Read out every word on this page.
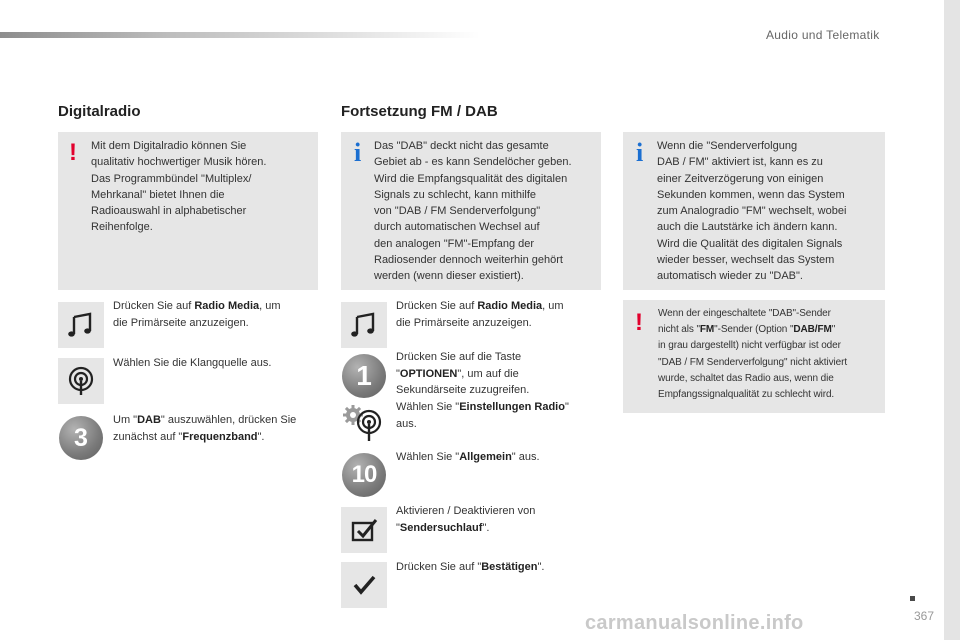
Audio und Telematik
Digitalradio
! Mit dem Digitalradio können Sie

qualitativ hochwertiger Musik hören.

Das Programmbündel "Multiplex/

Mehrkanal" bietet Ihnen die

Radioauswahl in alphabetischer

Reihenfolge.

Drücken Sie auf Radio Media, um

die Primärseite anzuzeigen.

Wählen Sie die Klangquelle aus.

3

Um "DAB" auszuwählen, drücken Sie

zunächst auf "Frequenzband".

Fortsetzung FM / DAB
i Das "DAB" deckt nicht das gesamte

Gebiet ab - es kann Sendelöcher geben.

Wird die Empfangsqualität des digitalen

Signals zu schlecht, kann mithilfe

von "DAB / FM Senderverfolgung"

durch automatischen Wechsel auf

den analogen "FM"-Empfang der

Radiosender dennoch weiterhin gehört

werden (wenn dieser existiert).

Drücken Sie auf Radio Media, um

die Primärseite anzuzeigen.

1

Drücken Sie auf die Taste

"OPTIONEN", um auf die

Sekundärseite zuzugreifen.

Wählen Sie "Einstellungen Radio"

aus.

10

Wählen Sie "Allgemein" aus.

Aktivieren / Deaktivieren von

"Sendersuchlauf".

Drücken Sie auf "Bestätigen".

i Wenn die "Senderverfolgung

DAB / FM" aktiviert ist, kann es zu

einer Zeitverzögerung von einigen

Sekunden kommen, wenn das System

zum Analogradio "FM" wechselt, wobei

auch die Lautstärke ich ändern kann.

Wird die Qualität des digitalen Signals

wieder besser, wechselt das System

automatisch wieder zu "DAB".

! Wenn der eingeschaltete "DAB"-Sender

nicht als "FM"-Sender (Option "DAB/FM"

in grau dargestellt) nicht verfügbar ist oder

"DAB / FM Senderverfolgung" nicht aktiviert

wurde, schaltet das Radio aus, wenn die

Empfangssignalqualität zu schlecht wird.

367
carmanualsonline.info
